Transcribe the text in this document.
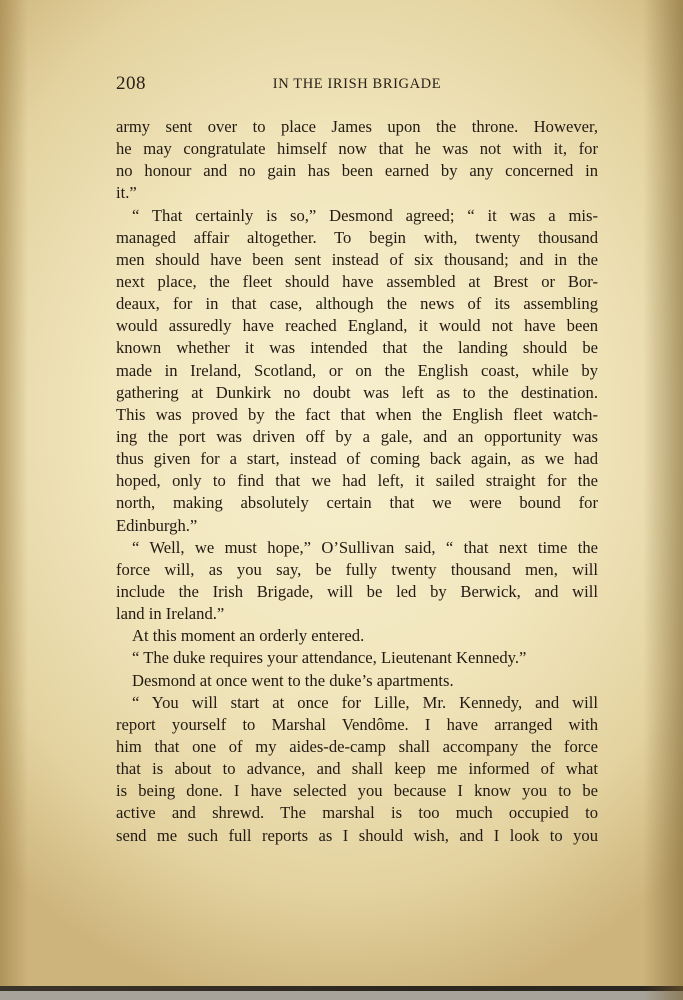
208	IN THE IRISH BRIGADE
army sent over to place James upon the throne. However,
he may congratulate himself now that he was not with it, for
no honour and no gain has been earned by any concerned in
it.”
“ That certainly is so,” Desmond agreed; “ it was a mis-
managed affair altogether. To begin with, twenty thousand
men should have been sent instead of six thousand; and in the
next place, the fleet should have assembled at Brest or Bor-
deaux, for in that case, although the news of its assembling
would assuredly have reached England, it would not have been
known whether it was intended that the landing should be
made in Ireland, Scotland, or on the English coast, while by
gathering at Dunkirk no doubt was left as to the destination.
This was proved by the fact that when the English fleet watch-
ing the port was driven off by a gale, and an opportunity was
thus given for a start, instead of coming back again, as we had
hoped, only to find that we had left, it sailed straight for the
north, making absolutely certain that we were bound for
Edinburgh.”
“ Well, we must hope,” O’Sullivan said, “ that next time the
force will, as you say, be fully twenty thousand men, will
include the Irish Brigade, will be led by Berwick, and will
land in Ireland.”
At this moment an orderly entered.
“ The duke requires your attendance, Lieutenant Kennedy.”
Desmond at once went to the duke’s apartments.
“ You will start at once for Lille, Mr. Kennedy, and will
report yourself to Marshal Vendôme. I have arranged with
him that one of my aides-de-camp shall accompany the force
that is about to advance, and shall keep me informed of what
is being done. I have selected you because I know you to be
active and shrewd. The marshal is too much occupied to
send me such full reports as I should wish, and I look to you
